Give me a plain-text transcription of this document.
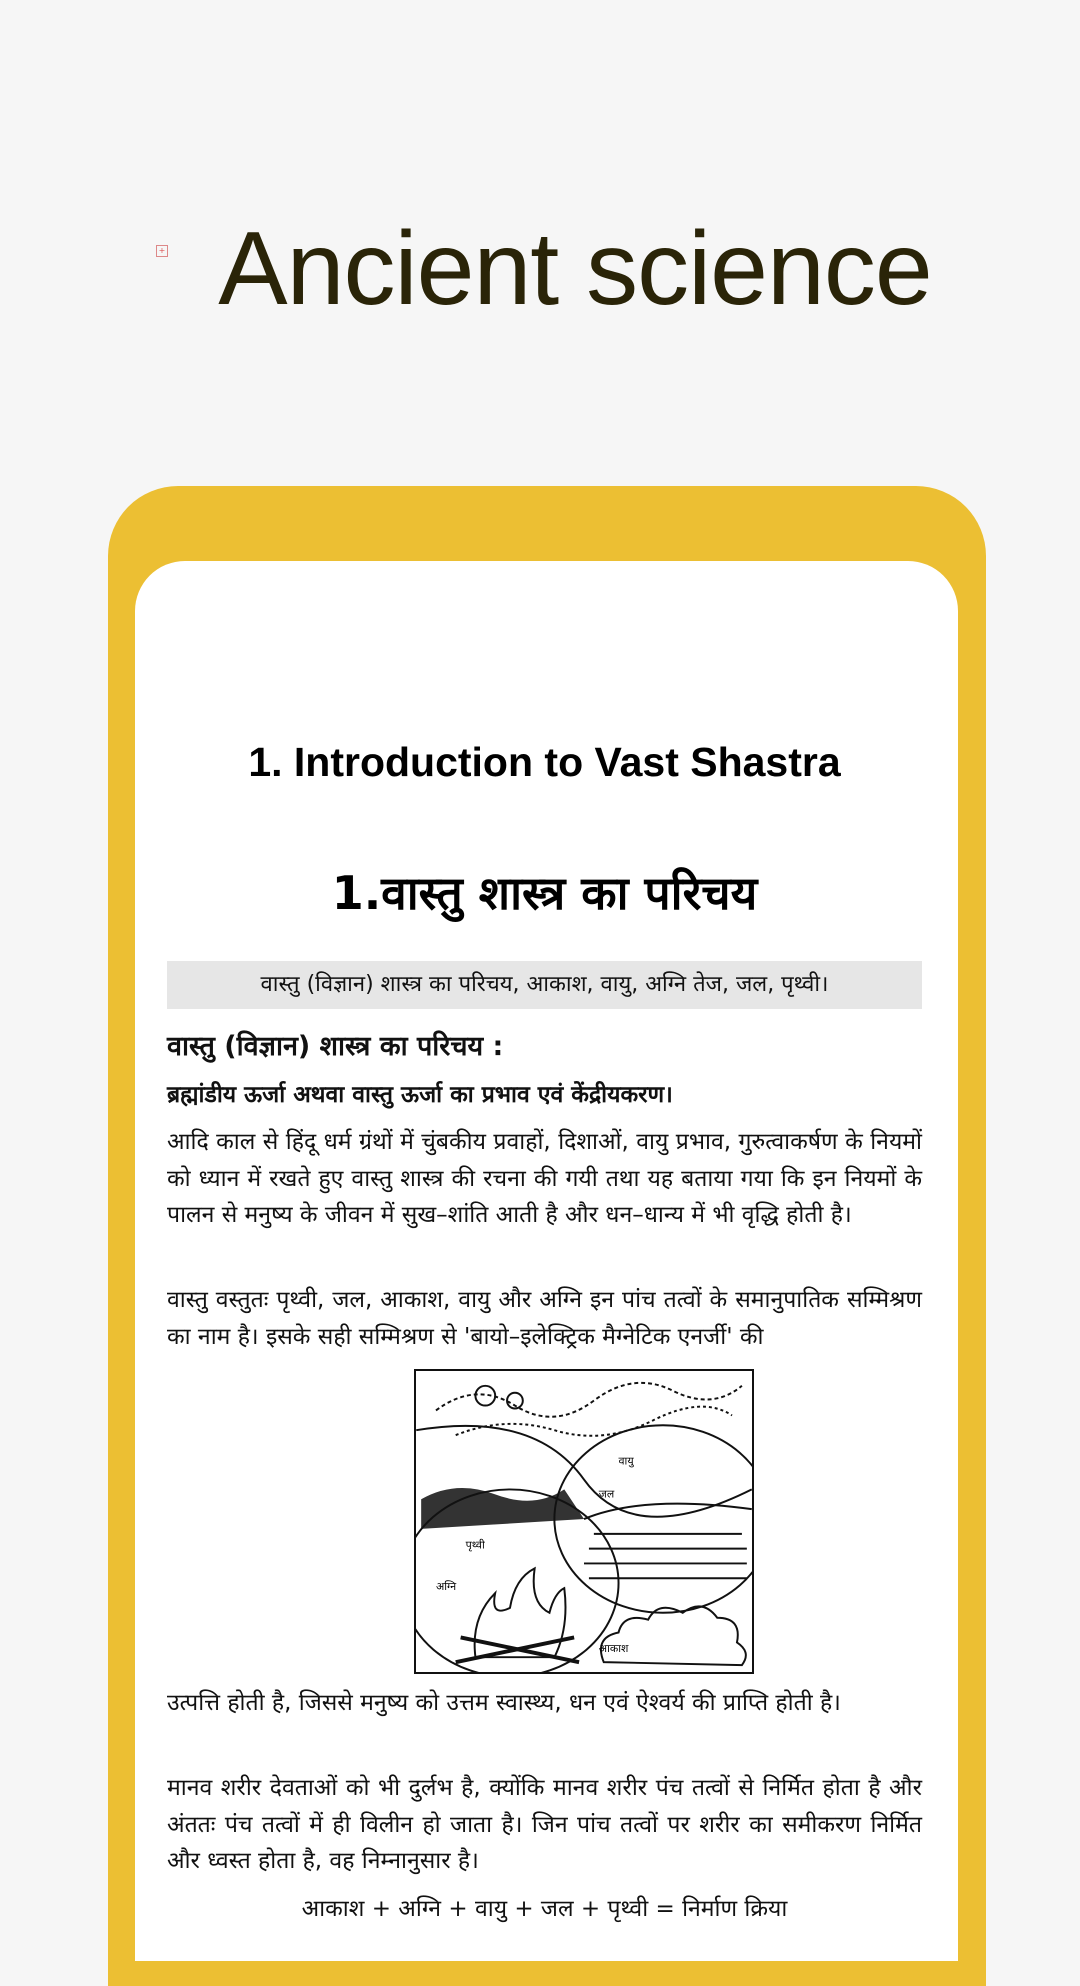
+ Ancient science
1. Introduction to Vast Shastra
1.वास्तु शास्त्र का परिचय
वास्तु (विज्ञान) शास्त्र का परिचय, आकाश, वायु, अग्नि तेज, जल, पृथ्वी।
वास्तु (विज्ञान) शास्त्र का परिचय :
ब्रह्मांडीय ऊर्जा अथवा वास्तु ऊर्जा का प्रभाव एवं केंद्रीयकरण।
आदि काल से हिंदू धर्म ग्रंथों में चुंबकीय प्रवाहों, दिशाओं, वायु प्रभाव, गुरुत्वाकर्षण के नियमों को ध्यान में रखते हुए वास्तु शास्त्र की रचना की गयी तथा यह बताया गया कि इन नियमों के पालन से मनुष्य के जीवन में सुख–शांति आती है और धन–धान्य में भी वृद्धि होती है।
वास्तु वस्तुतः पृथ्वी, जल, आकाश, वायु और अग्नि इन पांच तत्वों के समानुपातिक सम्मिश्रण का नाम है। इसके सही सम्मिश्रण से 'बायो–इलेक्ट्रिक मैग्नेटिक एनर्जी' की
वायु
जल
पृथ्वी
अग्नि
आकाश
उत्पत्ति होती है, जिससे मनुष्य को उत्तम स्वास्थ्य, धन एवं ऐश्वर्य की प्राप्ति होती है।
मानव शरीर देवताओं को भी दुर्लभ है, क्योंकि मानव शरीर पंच तत्वों से निर्मित होता है और अंततः पंच तत्वों में ही विलीन हो जाता है। जिन पांच तत्वों पर शरीर का समीकरण निर्मित और ध्वस्त होता है, वह निम्नानुसार है।
आकाश + अग्नि + वायु + जल + पृथ्वी = निर्माण क्रिया
